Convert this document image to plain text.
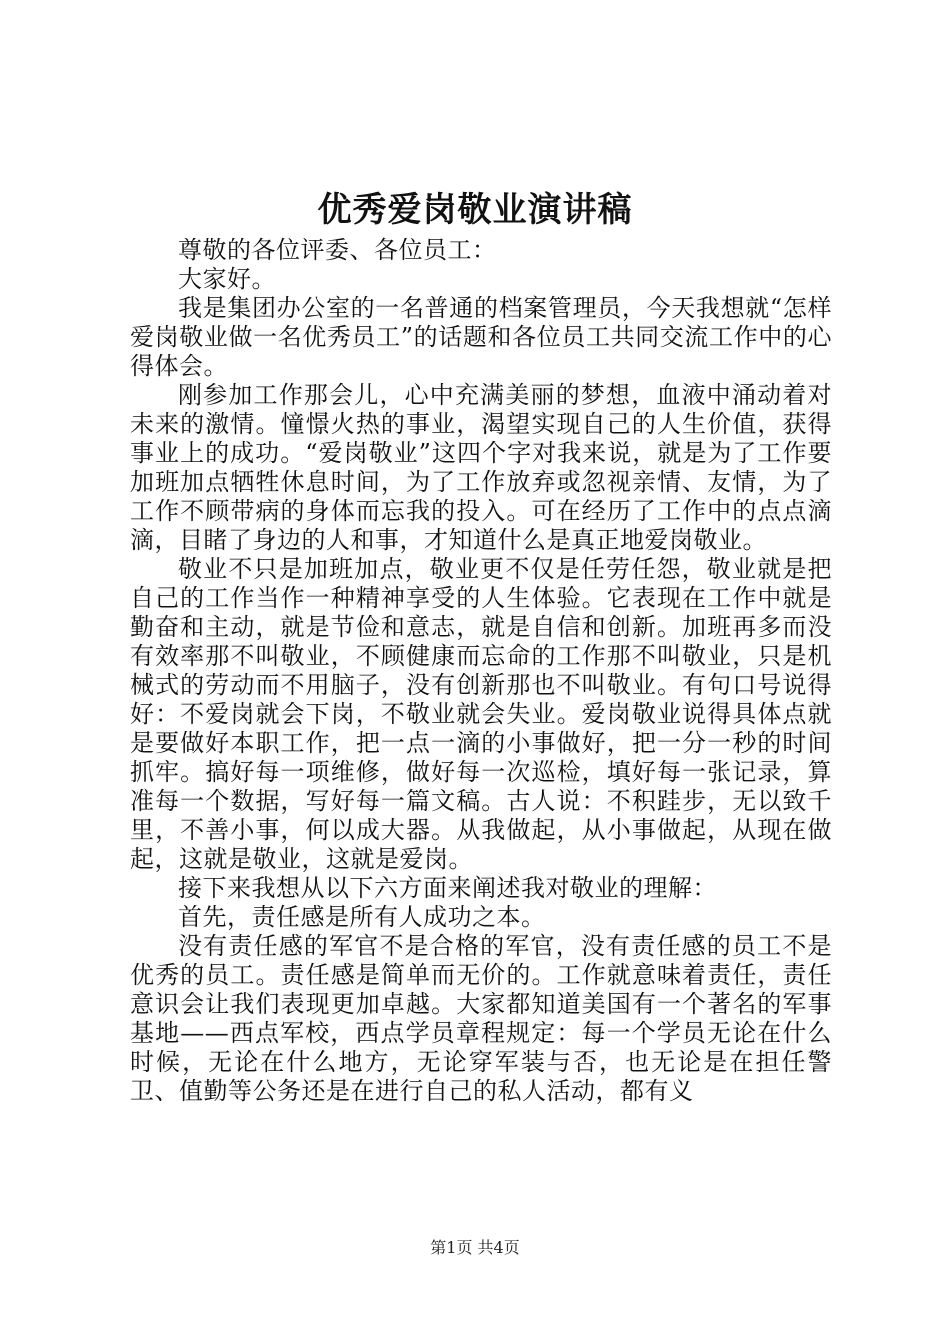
优秀爱岗敬业演讲稿

尊敬的各位评委、各位员工：

大家好。

我是集团办公室的一名普通的档案管理员，今天我想就“怎样爱岗敬业做一名优秀员工”的话题和各位员工共同交流工作中的心得体会。

刚参加工作那会儿，心中充满美丽的梦想，血液中涌动着对未来的激情。憧憬火热的事业，渴望实现自己的人生价值，获得事业上的成功。“爱岗敬业”这四个字对我来说，就是为了工作要加班加点牺牲休息时间，为了工作放弃或忽视亲情、友情，为了工作不顾带病的身体而忘我的投入。可在经历了工作中的点点滴滴，目睹了身边的人和事，才知道什么是真正地爱岗敬业。

敬业不只是加班加点，敬业更不仅是任劳任怨，敬业就是把自己的工作当作一种精神享受的人生体验。它表现在工作中就是勤奋和主动，就是节俭和意志，就是自信和创新。加班再多而没有效率那不叫敬业，不顾健康而忘命的工作那不叫敬业，只是机械式的劳动而不用脑子，没有创新那也不叫敬业。有句口号说得好：不爱岗就会下岗，不敬业就会失业。爱岗敬业说得具体点就是要做好本职工作，把一点一滴的小事做好，把一分一秒的时间抓牢。搞好每一项维修，做好每一次巡检，填好每一张记录，算准每一个数据，写好每一篇文稿。古人说：不积跬步，无以致千里，不善小事，何以成大器。从我做起，从小事做起，从现在做起，这就是敬业，这就是爱岗。

接下来我想从以下六方面来阐述我对敬业的理解：

首先，责任感是所有人成功之本。

没有责任感的军官不是合格的军官，没有责任感的员工不是优秀的员工。责任感是简单而无价的。工作就意味着责任，责任意识会让我们表现更加卓越。大家都知道美国有一个著名的军事基地——西点军校，西点学员章程规定：每一个学员无论在什么时候，无论在什么地方，无论穿军装与否，也无论是在担任警卫、值勤等公务还是在进行自己的私人活动，都有义

第1页 共4页
